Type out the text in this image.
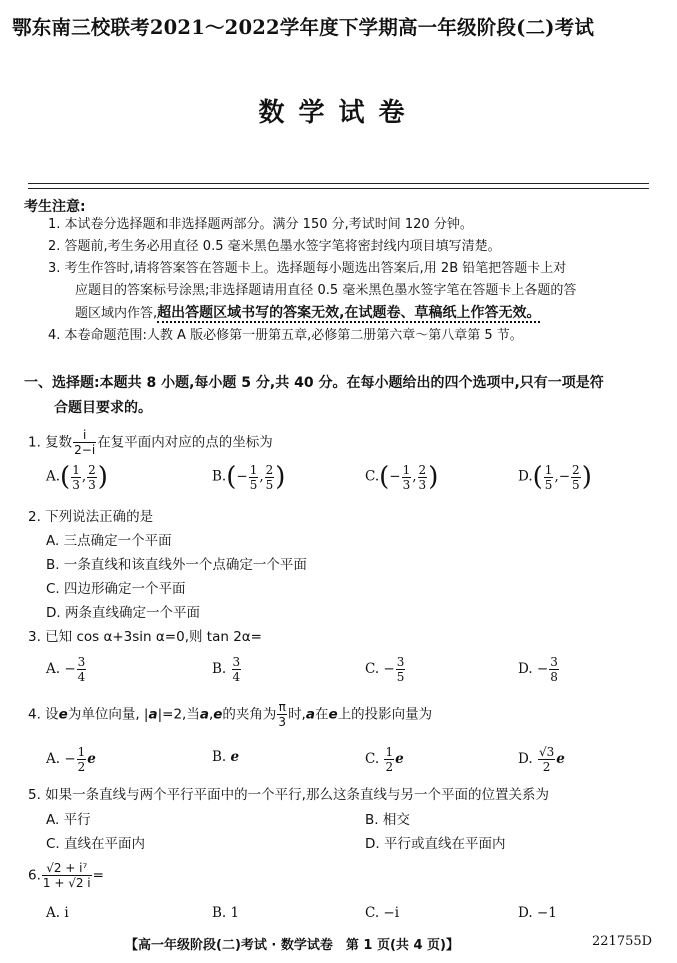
鄂东南三校联考2021～2022学年度下学期高一年级阶段(二)考试
数学试卷
考生注意:
1. 本试卷分选择题和非选择题两部分。满分 150 分,考试时间 120 分钟。
2. 答题前,考生务必用直径 0.5 毫米黑色墨水签字笔将密封线内项目填写清楚。
3. 考生作答时,请将答案答在答题卡上。选择题每小题选出答案后,用 2B 铅笔把答题卡上对
应题目的答案标号涂黑;非选择题请用直径 0.5 毫米黑色墨水签字笔在答题卡上各题的答
题区域内作答,超出答题区域书写的答案无效,在试题卷、草稿纸上作答无效。
4. 本卷命题范围:人教 A 版必修第一册第五章,必修第二册第六章～第八章第 5 节。
一、选择题:本题共 8 小题,每小题 5 分,共 40 分。在每小题给出的四个选项中,只有一项是符
合题目要求的。
1. 复数 $\frac{i}{2-i}$ 在复平面内对应的点的坐标为
$A.( \frac{1}{3}$ , $\frac{2}{3}$ )	$B.(- \frac{1}{5}$ , $\frac{2}{5}$ )	$C.(- \frac{1}{3}$ , $\frac{2}{3}$ )	$D.( \frac{1}{5}$ ,− $\frac{2}{5}$ )
2. 下列说法正确的是
A. 三点确定一个平面
B. 一条直线和该直线外一个点确定一个平面
C. 四边形确定一个平面
D. 两条直线确定一个平面
3. 已知 cos α+3sin α=0,则 tan 2α=
A. − $\frac{3}{4}$	B. $\frac{3}{4}$	C. − $\frac{3}{5}$	D. − $\frac{3}{8}$
4. 设e为单位向量, |a|=2,当a,e的夹角为 $\frac{\pi}{3}$ 时,a在e上的投影向量为
A. − $\frac{1}{2}$ e	B. e	C. $\frac{1}{2}$ e	D. $\frac{√3}{2}$ e
5. 如果一条直线与两个平行平面中的一个平行,那么这条直线与另一个平面的位置关系为
A. 平行	B. 相交
C. 直线在平面内	D. 平行或直线在平面内
6. $\frac{\text{√2 + i⁷}}{1 + √2 i}$ =
A. i	B. 1	C. −i	D. −1
【高一年级阶段(二)考试 · 数学试卷　第 1 页(共 4 页)】	221755D
